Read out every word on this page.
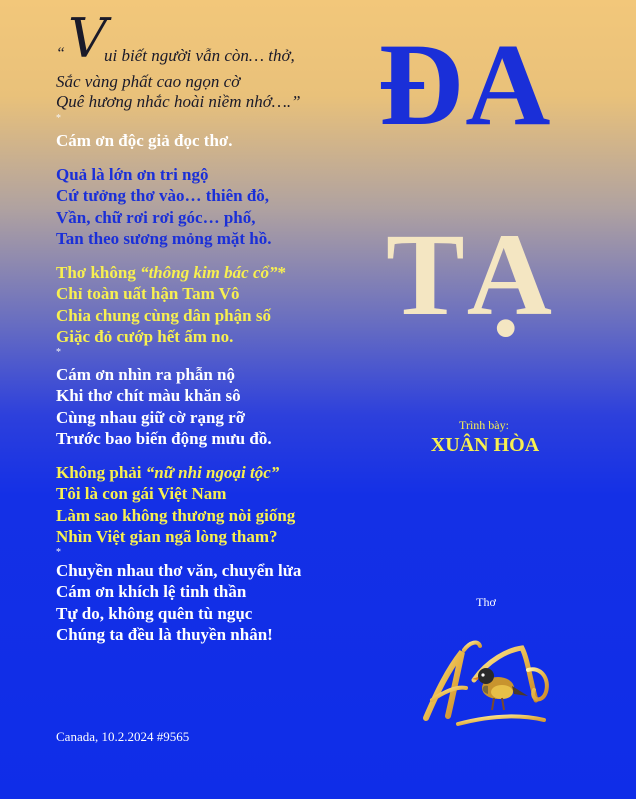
“ V
ui biết người vẫn còn… thở,
Sắc vàng phất cao ngọn cờ
Quê hương nhắc hoài niềm nhớ….”
*
Cám ơn độc giả đọc thơ.
Quả là lớn ơn tri ngộ
Cứ tưởng thơ vào… thiên đô,
Vần, chữ rơi rơi góc… phố,
Tan theo sương mỏng mặt hồ.
Thơ không “thông kim bác cổ”*
Chỉ toàn uất hận Tam Vô
Chia chung cùng dân phận số
Giặc đỏ cướp hết ấm no.
*
Cám ơn nhìn ra phẫn nộ
Khi thơ chít màu khăn sô
Cùng nhau giữ cờ rạng rỡ
Trước bao biến động mưu đồ.
Không phải “nữ nhi ngoại tộc”
Tôi là con gái Việt Nam
Làm sao không thương nòi giống
Nhìn Việt gian ngã lòng tham?
*
Chuyền nhau thơ văn, chuyển lửa
Cám ơn khích lệ tinh thần
Tự do, không quên tù ngục
Chúng ta đều là thuyền nhân!
Canada, 10.2.2024 #9565
ĐA
TẠ
Trình bày:
XUÂN HÒA
Thơ
